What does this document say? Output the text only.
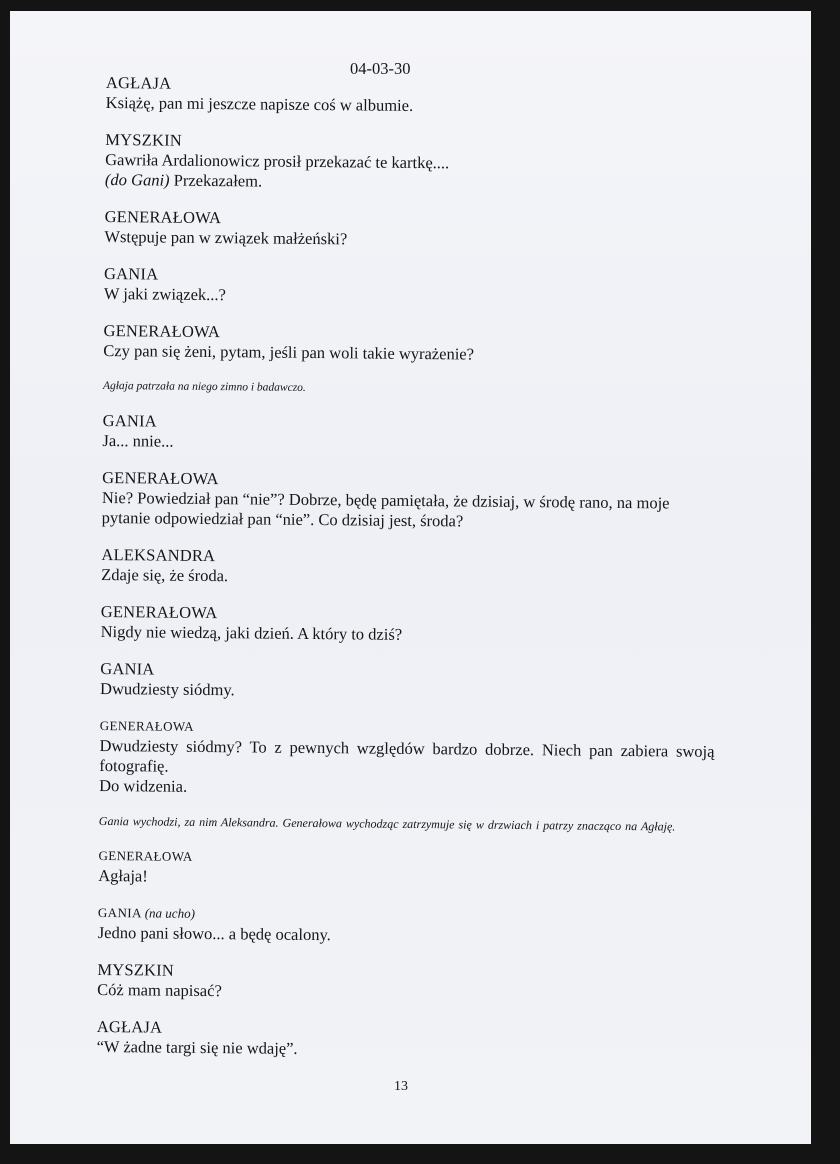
04-03-30
AGŁAJA
Książę, pan mi jeszcze napisze coś w albumie.
MYSZKIN
Gawriła Ardalionowicz prosił przekazać te kartkę....
(do Gani) Przekazałem.
GENERAŁOWA
Wstępuje pan w związek małżeński?
GANIA
W jaki związek...?
GENERAŁOWA
Czy pan się żeni, pytam, jeśli pan woli takie wyrażenie?
Agłaja patrzała na niego zimno i badawczo.
GANIA
Ja... nnie...
GENERAŁOWA
Nie? Powiedział pan “nie”? Dobrze, będę pamiętała, że dzisiaj, w środę rano, na moje pytanie odpowiedział pan “nie”. Co dzisiaj jest, środa?
ALEKSANDRA
Zdaje się, że środa.
GENERAŁOWA
Nigdy nie wiedzą, jaki dzień. A który to dziś?
GANIA
Dwudziesty siódmy.
GENERAŁOWA
Dwudziesty siódmy? To z pewnych względów bardzo dobrze. Niech pan zabiera swoją fotografię.
Do widzenia.
Gania wychodzi, za nim Aleksandra. Generałowa wychodząc zatrzymuje się w drzwiach i patrzy znacząco na Agłaję.
GENERAŁOWA
Agłaja!
GANIA (na ucho)
Jedno pani słowo... a będę ocalony.
MYSZKIN
Cóż mam napisać?
AGŁAJA
“W żadne targi się nie wdaję”.
13
